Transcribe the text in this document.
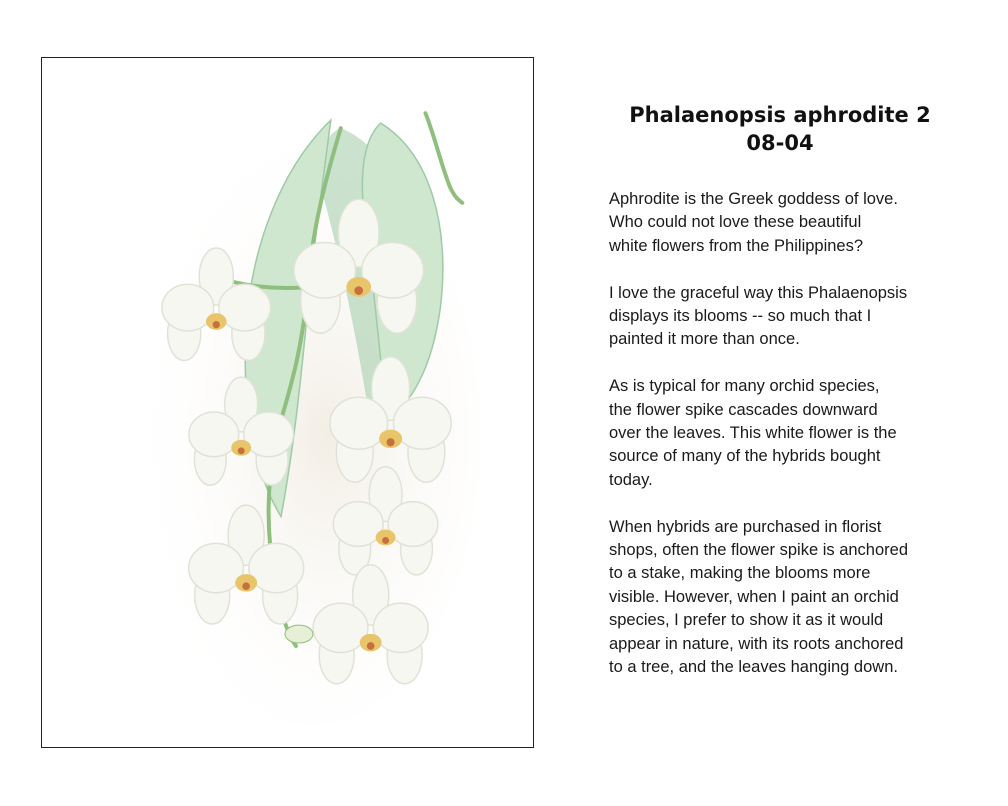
Phalaenopsis aphrodite 2
08-04

Aphrodite is the Greek goddess of love.
Who could not love these beautiful
white flowers from the Philippines?

I love the graceful way this Phalaenopsis
displays its blooms -- so much that I
painted it more than once.

As is typical for many orchid species,
the flower spike cascades downward
over the leaves. This white flower is the
source of many of the hybrids bought
today.

When hybrids are purchased in florist
shops, often the flower spike is anchored
to a stake, making the blooms more
visible. However, when I paint an orchid
species, I prefer to show it as it would
appear in nature, with its roots anchored
to a tree, and the leaves hanging down.
